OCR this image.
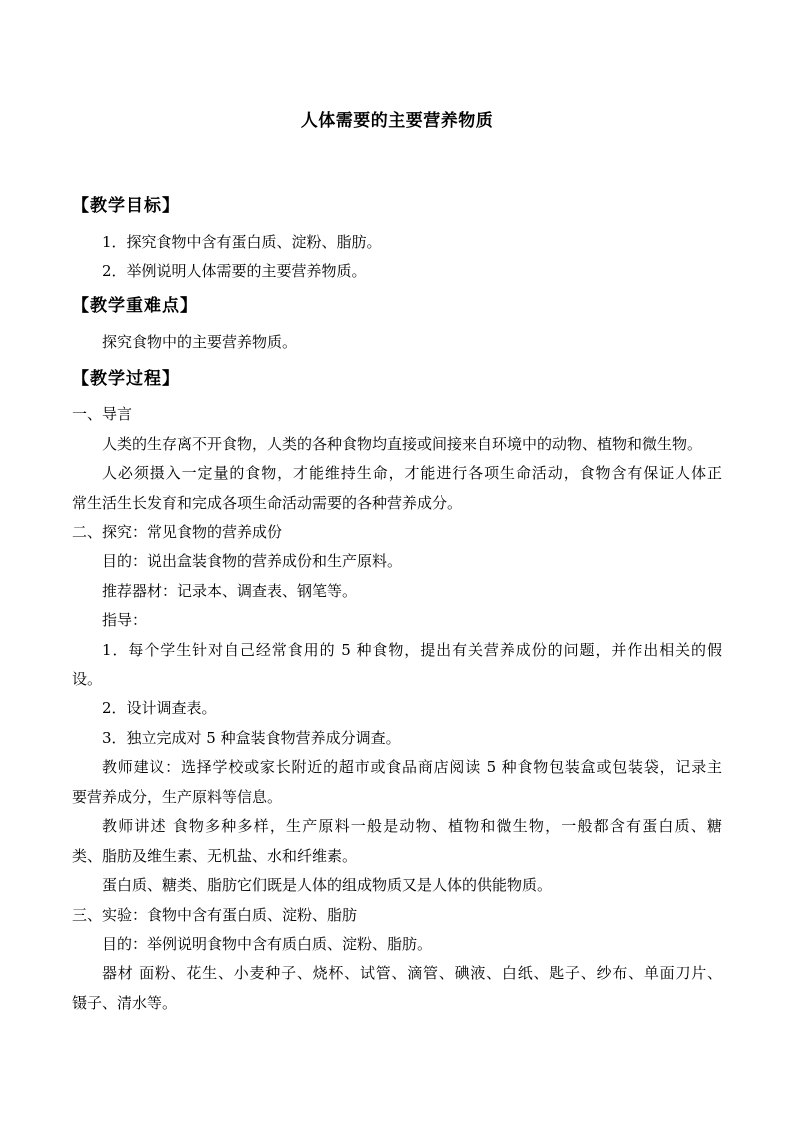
人体需要的主要营养物质
【教学目标】
1．探究食物中含有蛋白质、淀粉、脂肪。
2．举例说明人体需要的主要营养物质。
【教学重难点】
探究食物中的主要营养物质。
【教学过程】
一、导言
人类的生存离不开食物，人类的各种食物均直接或间接来自环境中的动物、植物和微生物。
人必须摄入一定量的食物，才能维持生命，才能进行各项生命活动，食物含有保证人体正
常生活生长发育和完成各项生命活动需要的各种营养成分。
二、探究：常见食物的营养成份
目的：说出盒装食物的营养成份和生产原料。
推荐器材：记录本、调查表、钢笔等。
指导：
1．每个学生针对自己经常食用的 5 种食物，提出有关营养成份的问题，并作出相关的假
设。
2．设计调查表。
3．独立完成对 5 种盒装食物营养成分调查。
教师建议：选择学校或家长附近的超市或食品商店阅读 5 种食物包装盒或包装袋，记录主
要营养成分，生产原料等信息。
教师讲述 食物多种多样，生产原料一般是动物、植物和微生物，一般都含有蛋白质、糖
类、脂肪及维生素、无机盐、水和纤维素。
蛋白质、糖类、脂肪它们既是人体的组成物质又是人体的供能物质。
三、实验：食物中含有蛋白质、淀粉、脂肪
目的：举例说明食物中含有质白质、淀粉、脂肪。
器材 面粉、花生、小麦种子、烧杯、试管、滴管、碘液、白纸、匙子、纱布、单面刀片、
镊子、清水等。
